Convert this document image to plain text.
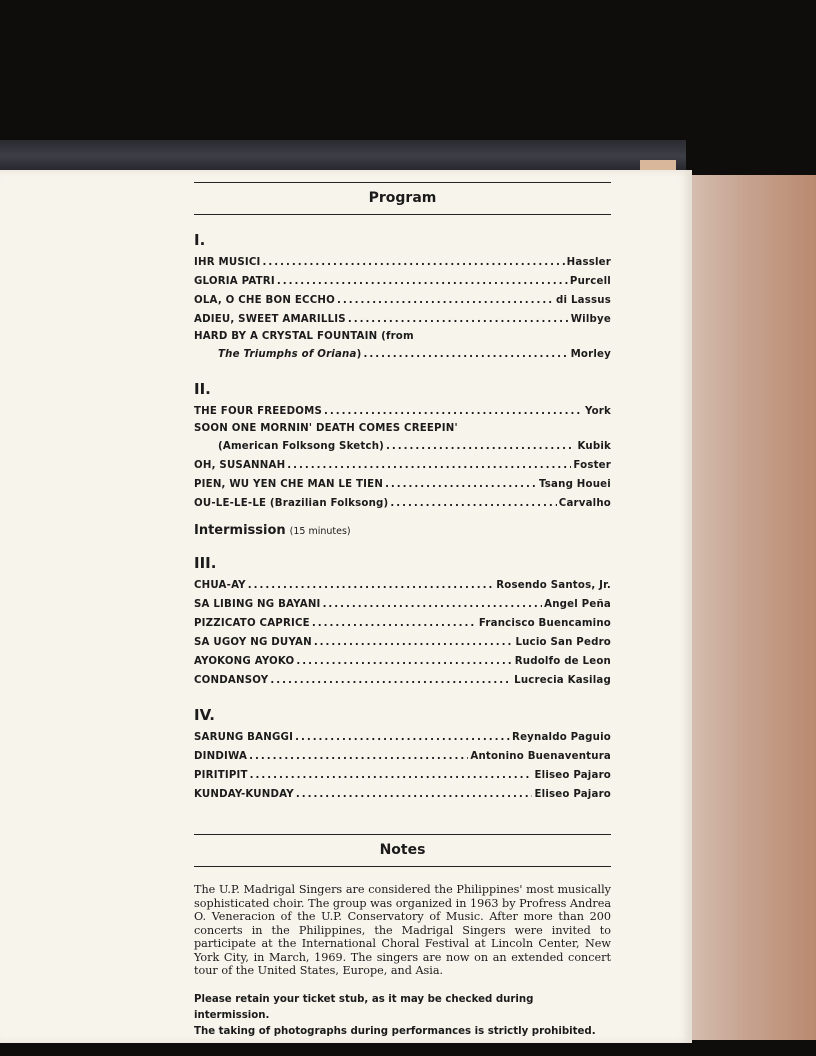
Program
I.
IHR MUSICI .....	Hassler
GLORIA PATRI .....	Purcell
OLA, O CHE BON ECCHO .....	di Lassus
ADIEU, SWEET AMARILLIS .....	Wilbye
HARD BY A CRYSTAL FOUNTAIN (from
The Triumphs of Oriana) .....	Morley
II.
THE FOUR FREEDOMS .....	York
SOON ONE MORNIN' DEATH COMES CREEPIN'
(American Folksong Sketch) .....	Kubik
OH, SUSANNAH .....	Foster
PIEN, WU YEN CHE MAN LE TIEN .....	Tsang Houei
OU-LE-LE-LE (Brazilian Folksong) .....	Carvalho
Intermission (15 minutes)
III.
CHUA-AY .....	Rosendo Santos, Jr.
SA LIBING NG BAYANI .....	Angel Peña
PIZZICATO CAPRICE .....	Francisco Buencamino
SA UGOY NG DUYAN .....	Lucio San Pedro
AYOKONG AYOKO .....	Rudolfo de Leon
CONDANSOY .....	Lucrecia Kasilag
IV.
SARUNG BANGGI .....	Reynaldo Paguio
DINDIWA .....	Antonino Buenaventura
PIRITIPIT .....	Eliseo Pajaro
KUNDAY-KUNDAY .....	Eliseo Pajaro
Notes
The U.P. Madrigal Singers are considered the Philippines' most musically sophisticated choir. The group was organized in 1963 by Profress Andrea O. Veneracion of the U.P. Conservatory of Music. After more than 200 concerts in the Philippines, the Madrigal Singers were invited to participate at the International Choral Festival at Lincoln Center, New York City, in March, 1969. The singers are now on an extended concert tour of the United States, Europe, and Asia.
Please retain your ticket stub, as it may be checked during intermission.
The taking of photographs during performances is strictly prohibited.
